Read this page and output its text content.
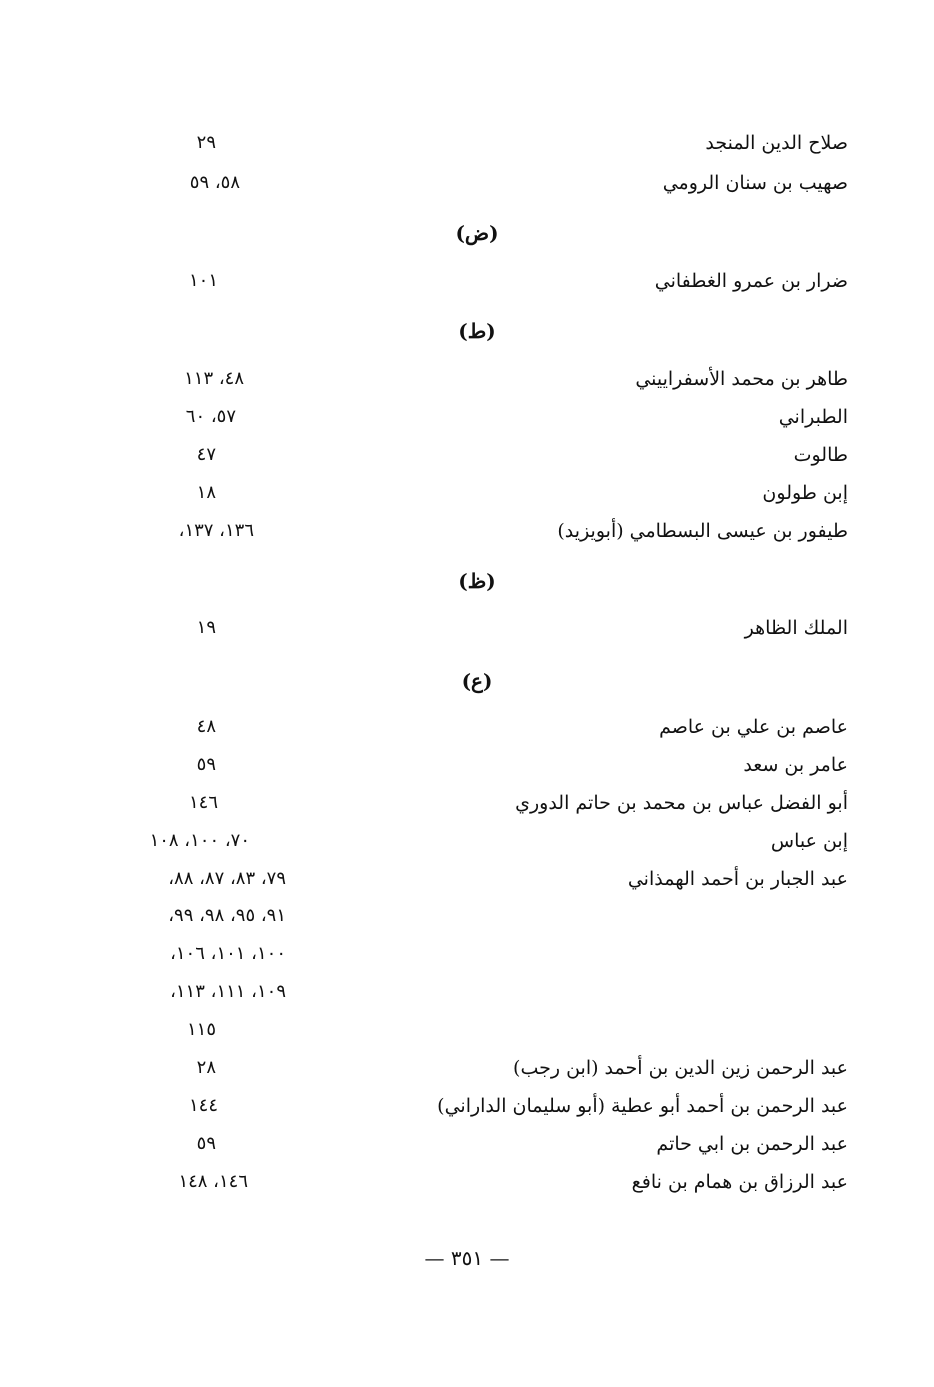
صلاح الدين المنجد
٢٩
صهيب بن سنان الرومي
٥٨، ٥٩
(ض)
ضرار بن عمرو الغطفاني
١٠١
(ط)
طاهر بن محمد الأسفراييني
٤٨، ١١٣
الطبراني
٥٧، ٦٠
طالوت
٤٧
إبن طولون
١٨
طيفور بن عيسى البسطامي (أبويزيد)
١٣٦، ١٣٧،
(ظ)
الملك الظاهر
١٩
(ع)
عاصم بن علي بن عاصم
٤٨
عامر بن سعد
٥٩
أبو الفضل عباس بن محمد بن حاتم الدوري
١٤٦
إبن عباس
٧٠، ١٠٠، ١٠٨
عبد الجبار بن أحمد الهمذاني
٧٩، ٨٣، ٨٧، ٨٨،
٩١، ٩٥، ٩٨، ٩٩،
١٠٠، ١٠١، ١٠٦،
١٠٩، ١١١، ١١٣،
١١٥
عبد الرحمن زين الدين بن أحمد (ابن رجب)
٢٨
عبد الرحمن بن أحمد أبو عطية (أبو سليمان الداراني)
١٤٤
عبد الرحمن بن ابي حاتم
٥٩
عبد الرزاق بن همام بن نافع
١٤٦، ١٤٨
— ٣٥١ —
